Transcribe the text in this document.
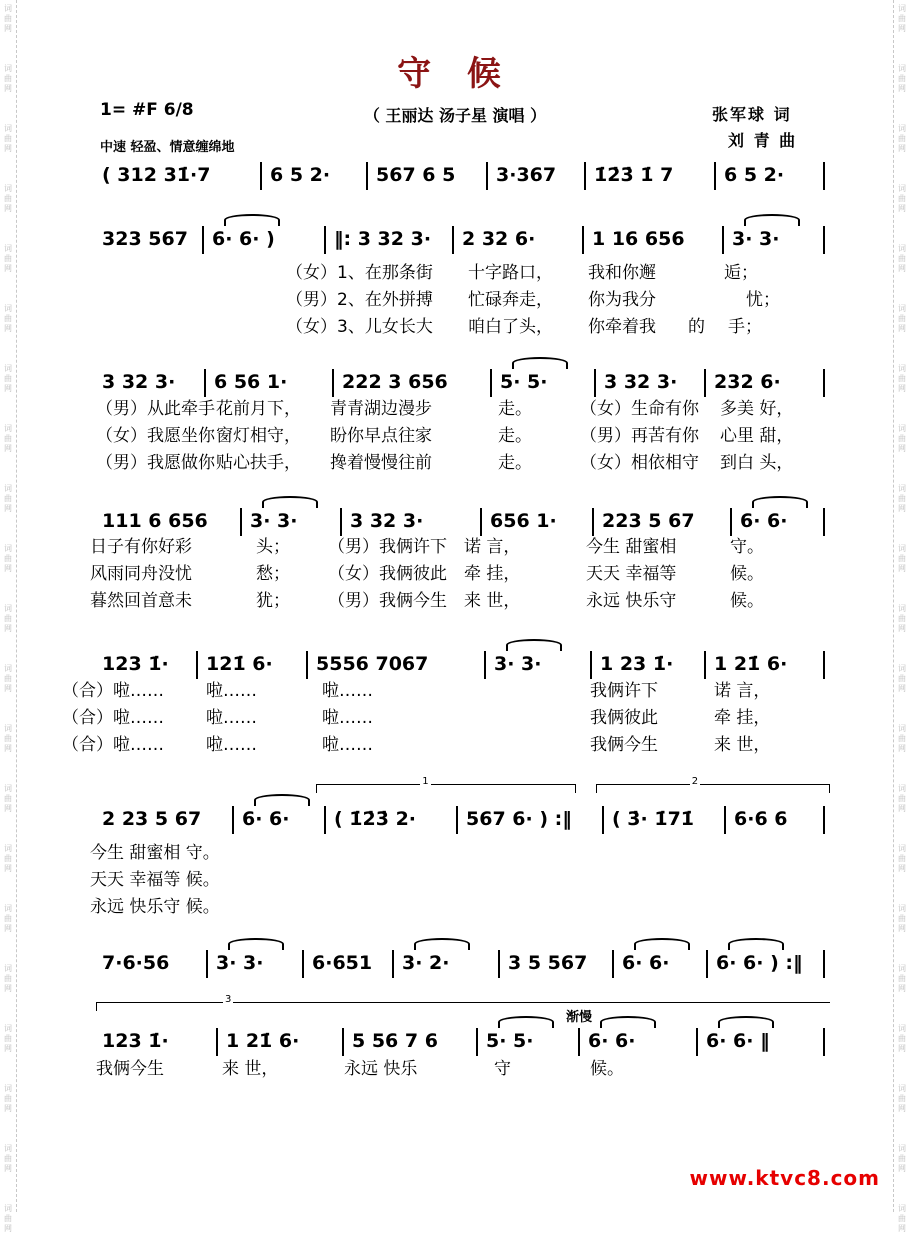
守 候
1= #F 6/8
中速 轻盈、情意缠绵地
（ 王丽达 汤子星 演唱 ）	张军球 词
刘 青 曲
( 312 31̇·7	6 5 2· 567 6 5 3·367 1̇2̇3̇ 1̇ 7	6 5 2·
323 567 6· 6· )	‖: 3 32 3· 2 32 6·	1 16 656 3· 3·
3 32 3· 6 56 1·	222 3 656	5· 5·	3 32 3· 232 6·
111 6 656 3· 3·	3 32 3·	656 1· 223 5 67 6· 6·
123 1̇· 121̇ 6· 5556 7067	3· 3·	1 23 1̇· 1 21̇ 6·
2 23 5 67 6· 6· ( 1̇2̇3̇ 2·	567 6· ) :‖ ( 3̇· 1̇71̇ 6·6 6
1	2
7·6·56 3· 3·	6·651 3· 2·	3 5 567 6· 6· 6· 6· ) :‖
123 1̇·	1 21̇ 6·	5 56 7 6	5· 5·	6· 6·	6· 6· ‖
3
渐慢
www.ktvc8.com
词
曲
网
词
曲
网
词
曲
网
词
曲
网
词
曲
网
词
曲
网
词
曲
网
词
曲
网
词
曲
网
词
曲
网
词
曲
网
词
曲
网
词
曲
网
词
曲
网
词
曲
网
词
曲
网
词
曲
网
词
曲
网
词
曲
网
词
曲
网
词
曲
网
词
曲
网
词
曲
网
词
曲
网
词
曲
网
词
曲
网
词
曲
网
词
曲
网
词
曲
网
词
曲
网
词
曲
网
词
曲
网
词
曲
网
词
曲
网
词
曲
网
词
曲
网
词
曲
网
词
曲
网
词
曲
网
词
曲
网
词
曲
网
词
曲
网
（女）1、在那条街 十字路口， 我和你邂	逅；
（男）2、在外拼搏 忙碌奔走， 你为我分	忧；
（女）3、儿女长大 咱白了头， 你牵着我 的 手；
（男）从此牵手 花前月下， 青青湖边漫步	走。	（女）生命有你 多美 好，
（女）我愿坐你 窗灯相守， 盼你早点往家	走。	（男）再苦有你 心里 甜，
（男）我愿做你 贴心扶手， 搀着慢慢往前	走。	（女）相依相守 到白 头，
日子有你好彩	头； （男）我俩许下 诺 言，	今生 甜蜜相	守。
风雨同舟没忧	愁； （女）我俩彼此 牵 挂，	天天 幸福等	候。
暮然回首意未	犹； （男）我俩今生 来 世，	永远 快乐守	候。
（合）啦…… 啦……	啦……	我俩许下	诺 言，
（合）啦…… 啦……	啦……	我俩彼此	牵 挂，
（合）啦…… 啦……	啦……	我俩今生	来 世，
今生 甜蜜相 守。
天天 幸福等 候。
永远 快乐守 候。
我俩今生	来 世，	永远 快乐	守	候。
